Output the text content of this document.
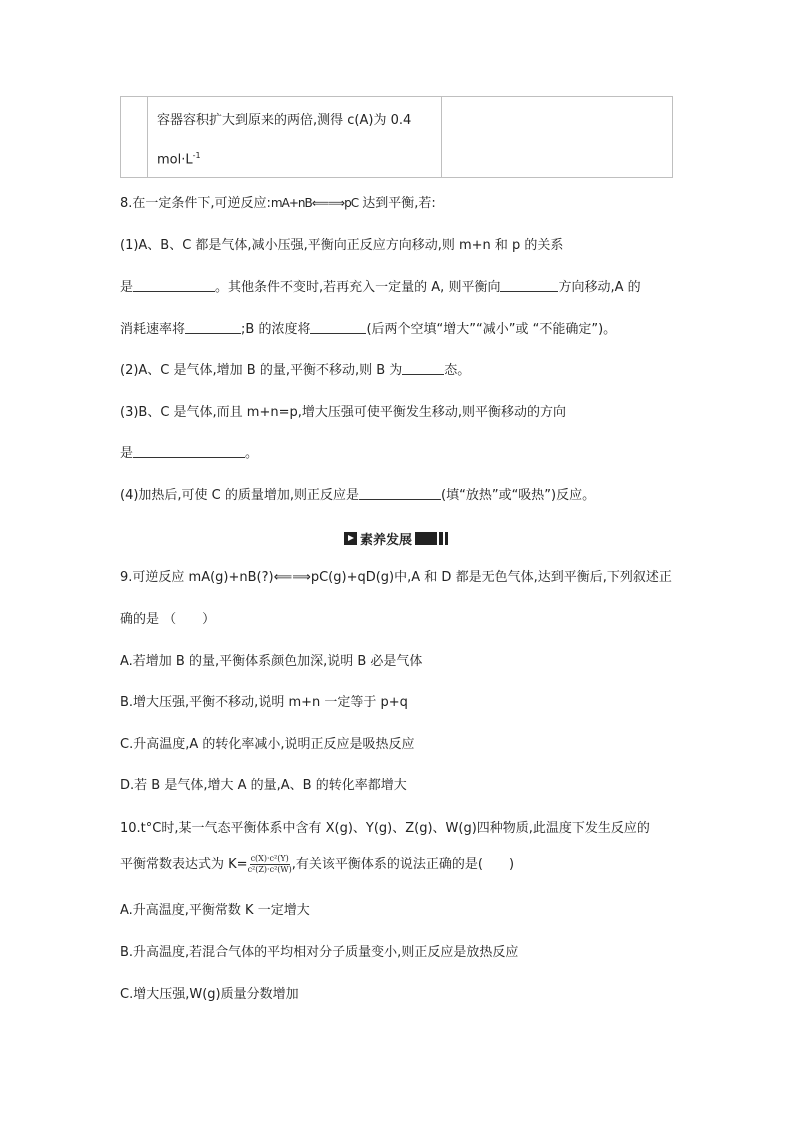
容器容积扩大到原来的两倍,测得 c(A)为 0.4
$mol\cdot L^{-1}$
8.在一定条件下,可逆反应:mA+nB⟸⟹pC 达到平衡,若:
(1)A、B、C 都是气体,减小压强,平衡向正反应方向移动,则 m+n 和 p 的关系
是	。其他条件不变时,若再充入一定量的 A, 则平衡向	方向移动,A 的
消耗速率将	;B 的浓度将	(后两个空填“增大”“减小”或 “不能确定”)。
(2)A、C 是气体,增加 B 的量,平衡不移动,则 B 为	态。
(3)B、C 是气体,而且 m+n=p,增大压强可使平衡发生移动,则平衡移动的方向
是	。
(4)加热后,可使 C 的质量增加,则正反应是	(填“放热”或“吸热”)反应。
素养发展
9.可逆反应 mA(g)+nB(?)⟸⟹pC(g)+qD(g)中,A 和 D 都是无色气体,达到平衡后,下列叙述正
确的是 （　　）
A.若增加 B 的量,平衡体系颜色加深,说明 B 必是气体
B.增大压强,平衡不移动,说明 m+n 一定等于 p+q
C.升高温度,A 的转化率减小,说明正反应是吸热反应
D.若 B 是气体,增大 A 的量,A、B 的转化率都增大
10.t°C时,某一气态平衡体系中含有 X(g)、Y(g)、Z(g)、W(g)四种物质,此温度下发生反应的
平衡常数表达式为 $K= \frac{\text{c(X)·c²(Y)}}{\text{c²(Z)·c²(W)}}$ ,有关该平衡体系的说法正确的是(　　)
A.升高温度,平衡常数 K 一定增大
B.升高温度,若混合气体的平均相对分子质量变小,则正反应是放热反应
C.增大压强,W(g)质量分数增加
